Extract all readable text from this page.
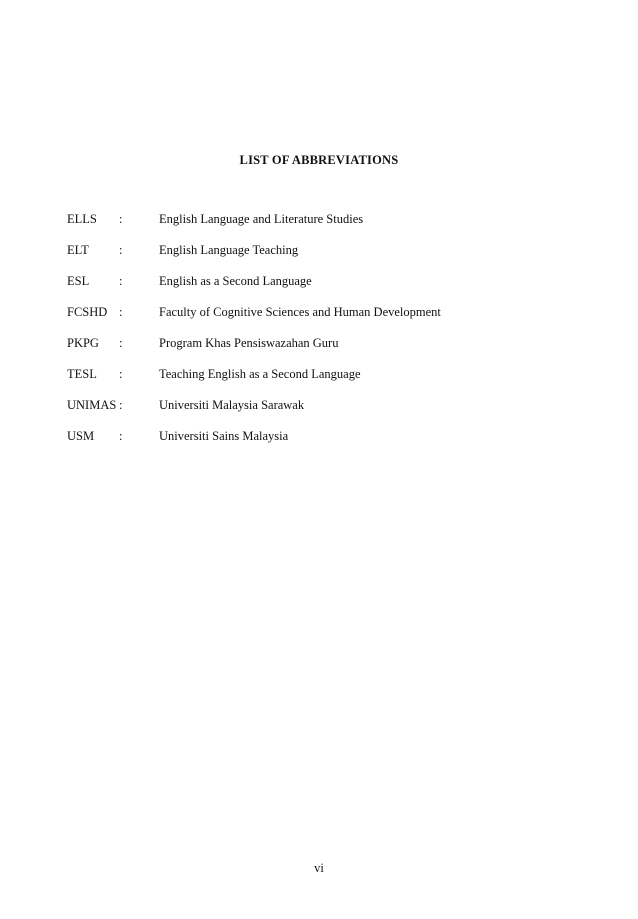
LIST OF ABBREVIATIONS
ELLS :	English Language and Literature Studies
ELT :	English Language Teaching
ESL :	English as a Second Language
FCSHD :	Faculty of Cognitive Sciences and Human Development
PKPG :	Program Khas Pensiswazahan Guru
TESL :	Teaching English as a Second Language
UNIMAS :	Universiti Malaysia Sarawak
USM :	Universiti Sains Malaysia
vi
